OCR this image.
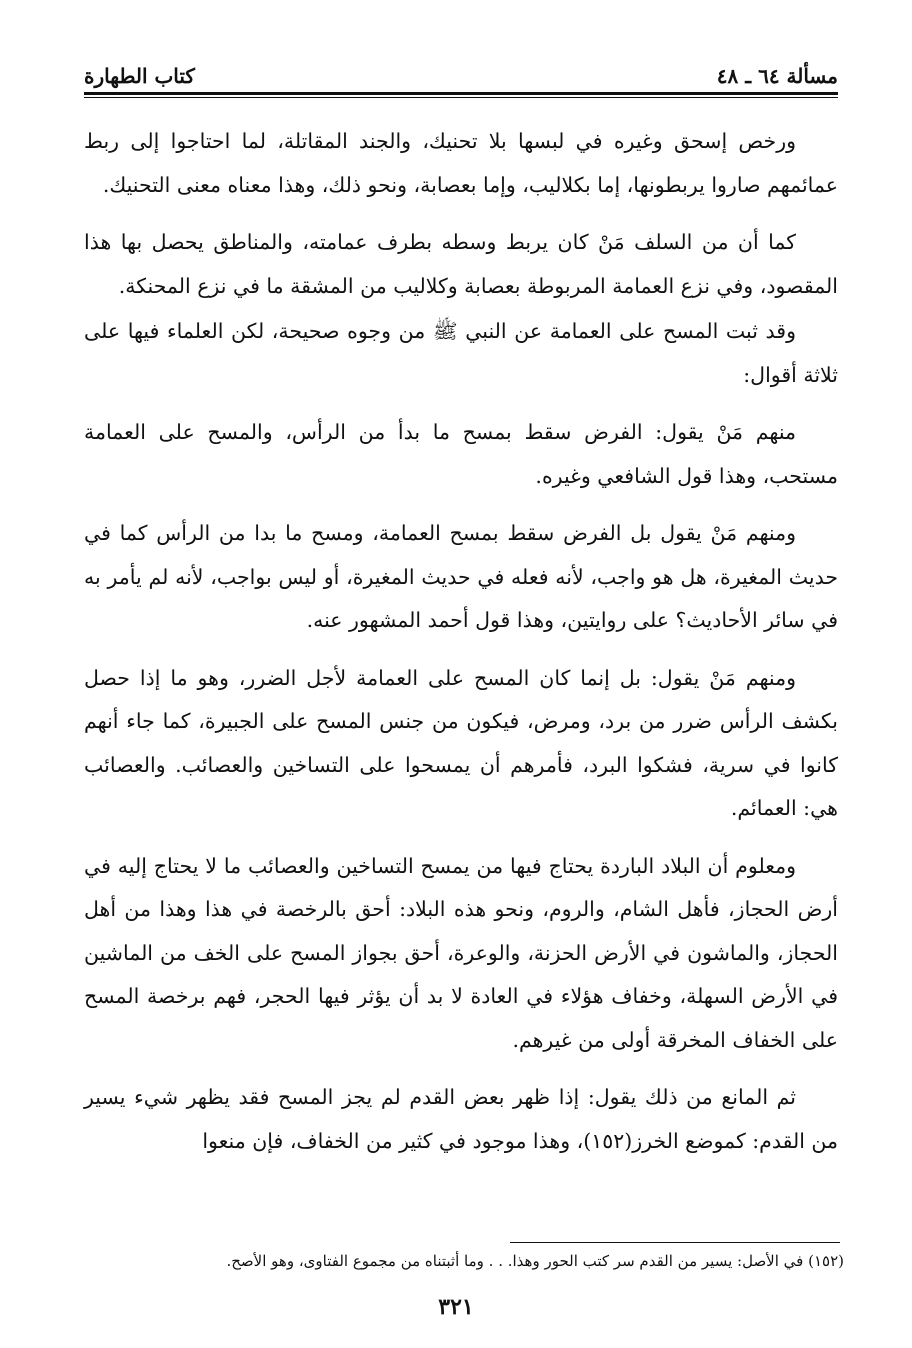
مسألة ٦٤ ـ ٤٨
كتاب الطهارة

ورخص إسحق وغيره في لبسها بلا تحنيك، والجند المقاتلة، لما احتاجوا إلى ربط عمائمهم صاروا يربطونها، إما بكلاليب، وإما بعصابة، ونحو ذلك، وهذا معناه معنى التحنيك.

كما أن من السلف مَنْ كان يربط وسطه بطرف عمامته، والمناطق يحصل بها هذا المقصود، وفي نزع العمامة المربوطة بعصابة وكلاليب من المشقة ما في نزع المحنكة.

وقد ثبت المسح على العمامة عن النبي ﷺ من وجوه صحيحة، لكن العلماء فيها على ثلاثة أقوال:

منهم مَنْ يقول: الفرض سقط بمسح ما بدأ من الرأس، والمسح على العمامة مستحب، وهذا قول الشافعي وغيره.

ومنهم مَنْ يقول بل الفرض سقط بمسح العمامة، ومسح ما بدا من الرأس كما في حديث المغيرة، هل هو واجب، لأنه فعله في حديث المغيرة، أو ليس بواجب، لأنه لم يأمر به في سائر الأحاديث؟ على روايتين، وهذا قول أحمد المشهور عنه.

ومنهم مَنْ يقول: بل إنما كان المسح على العمامة لأجل الضرر، وهو ما إذا حصل بكشف الرأس ضرر من برد، ومرض، فيكون من جنس المسح على الجبيرة، كما جاء أنهم كانوا في سرية، فشكوا البرد، فأمرهم أن يمسحوا على التساخين والعصائب. والعصائب هي: العمائم.

ومعلوم أن البلاد الباردة يحتاج فيها من يمسح التساخين والعصائب ما لا يحتاج إليه في أرض الحجاز، فأهل الشام، والروم، ونحو هذه البلاد: أحق بالرخصة في هذا وهذا من أهل الحجاز، والماشون في الأرض الحزنة، والوعرة، أحق بجواز المسح على الخف من الماشين في الأرض السهلة، وخفاف هؤلاء في العادة لا بد أن يؤثر فيها الحجر، فهم برخصة المسح على الخفاف المخرقة أولى من غيرهم.

ثم المانع من ذلك يقول: إذا ظهر بعض القدم لم يجز المسح فقد يظهر شيء يسير من القدم: كموضع الخرز(١٥٢)، وهذا موجود في كثير من الخفاف، فإن منعوا

(١٥٢) في الأصل: يسير من القدم سر كتب الحور وهذا. . . وما أثبتناه من مجموع الفتاوى، وهو الأصح.
٣٢١
